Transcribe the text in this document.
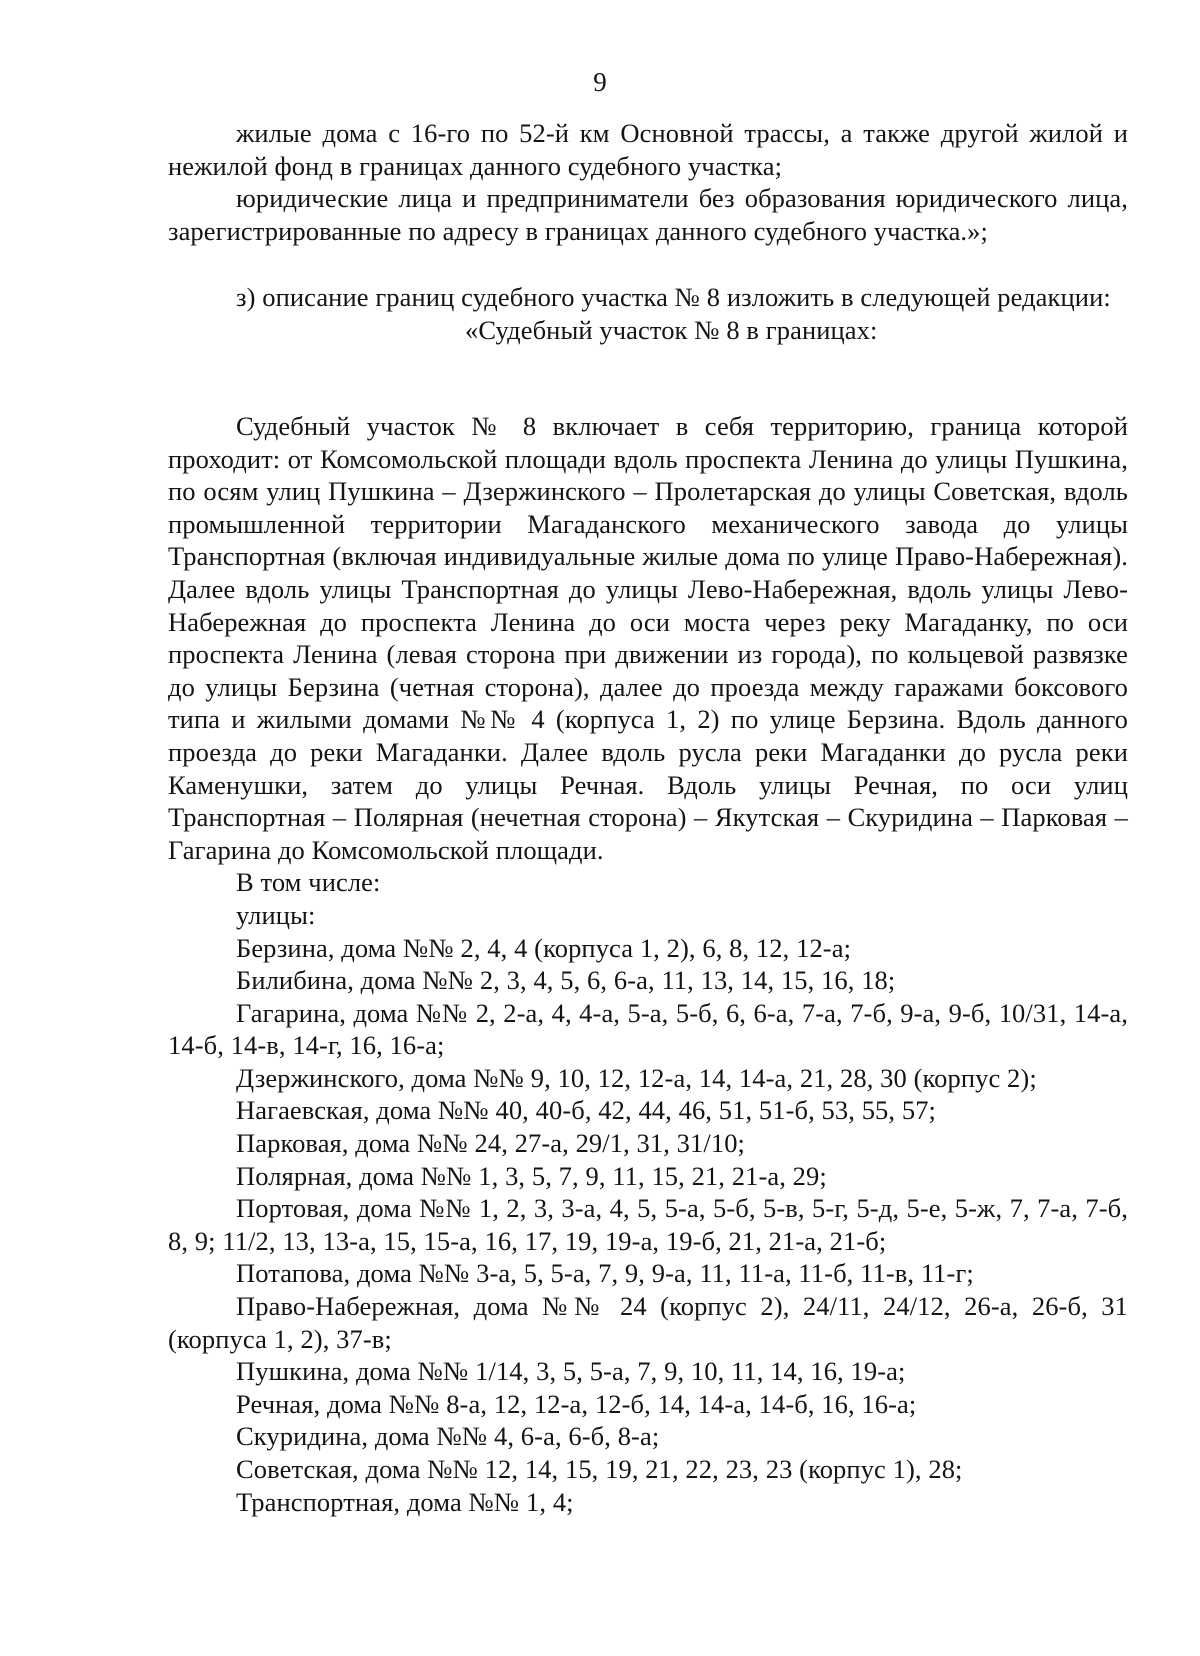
9

жилые дома с 16-го по 52-й км Основной трассы, а также другой жилой и нежилой фонд в границах данного судебного участка;

юридические лица и предприниматели без образования юридического лица, зарегистрированные по адресу в границах данного судебного участка.»;

з) описание границ судебного участка № 8 изложить в следующей редакции:

«Судебный участок № 8 в границах:

Судебный участок № 8 включает в себя территорию, граница которой проходит: от Комсомольской площади вдоль проспекта Ленина до улицы Пушкина, по осям улиц Пушкина – Дзержинского – Пролетарская до улицы Советская, вдоль промышленной территории Магаданского механического завода до улицы Транспортная (включая индивидуальные жилые дома по улице Право-Набережная). Далее вдоль улицы Транспортная до улицы Лево-Набережная, вдоль улицы Лево-Набережная до проспекта Ленина до оси моста через реку Магаданку, по оси проспекта Ленина (левая сторона при движении из города), по кольцевой развязке до улицы Берзина (четная сторона), далее до проезда между гаражами боксового типа и жилыми домами №№ 4 (корпуса 1, 2) по улице Берзина. Вдоль данного проезда до реки Магаданки. Далее вдоль русла реки Магаданки до русла реки Каменушки, затем до улицы Речная. Вдоль улицы Речная, по оси улиц Транспортная – Полярная (нечетная сторона) – Якутская – Скуридина – Парковая – Гагарина до Комсомольской площади.

В том числе:

улицы:

Берзина, дома №№ 2, 4, 4 (корпуса 1, 2), 6, 8, 12, 12-а;

Билибина, дома №№ 2, 3, 4, 5, 6, 6-а, 11, 13, 14, 15, 16, 18;

Гагарина, дома №№ 2, 2-а, 4, 4-а, 5-а, 5-б, 6, 6-а, 7-а, 7-б, 9-а, 9-б, 10/31, 14-а, 14-б, 14-в, 14-г, 16, 16-а;

Дзержинского, дома №№ 9, 10, 12, 12-а, 14, 14-а, 21, 28, 30 (корпус 2);

Нагаевская, дома №№ 40, 40-б, 42, 44, 46, 51, 51-б, 53, 55, 57;

Парковая, дома №№ 24, 27-а, 29/1, 31, 31/10;

Полярная, дома №№ 1, 3, 5, 7, 9, 11, 15, 21, 21-а, 29;

Портовая, дома №№ 1, 2, 3, 3-а, 4, 5, 5-а, 5-б, 5-в, 5-г, 5-д, 5-е, 5-ж, 7, 7-а, 7-б, 8, 9; 11/2, 13, 13-а, 15, 15-а, 16, 17, 19, 19-а, 19-б, 21, 21-а, 21-б;

Потапова, дома №№ 3-а, 5, 5-а, 7, 9, 9-а, 11, 11-а, 11-б, 11-в, 11-г;

Право-Набережная, дома №№ 24 (корпус 2), 24/11, 24/12, 26-а, 26-б, 31 (корпуса 1, 2), 37-в;

Пушкина, дома №№ 1/14, 3, 5, 5-а, 7, 9, 10, 11, 14, 16, 19-а;

Речная, дома №№ 8-а, 12, 12-а, 12-б, 14, 14-а, 14-б, 16, 16-а;

Скуридина, дома №№ 4, 6-а, 6-б, 8-а;

Советская, дома №№ 12, 14, 15, 19, 21, 22, 23, 23 (корпус 1), 28;

Транспортная, дома №№ 1, 4;
